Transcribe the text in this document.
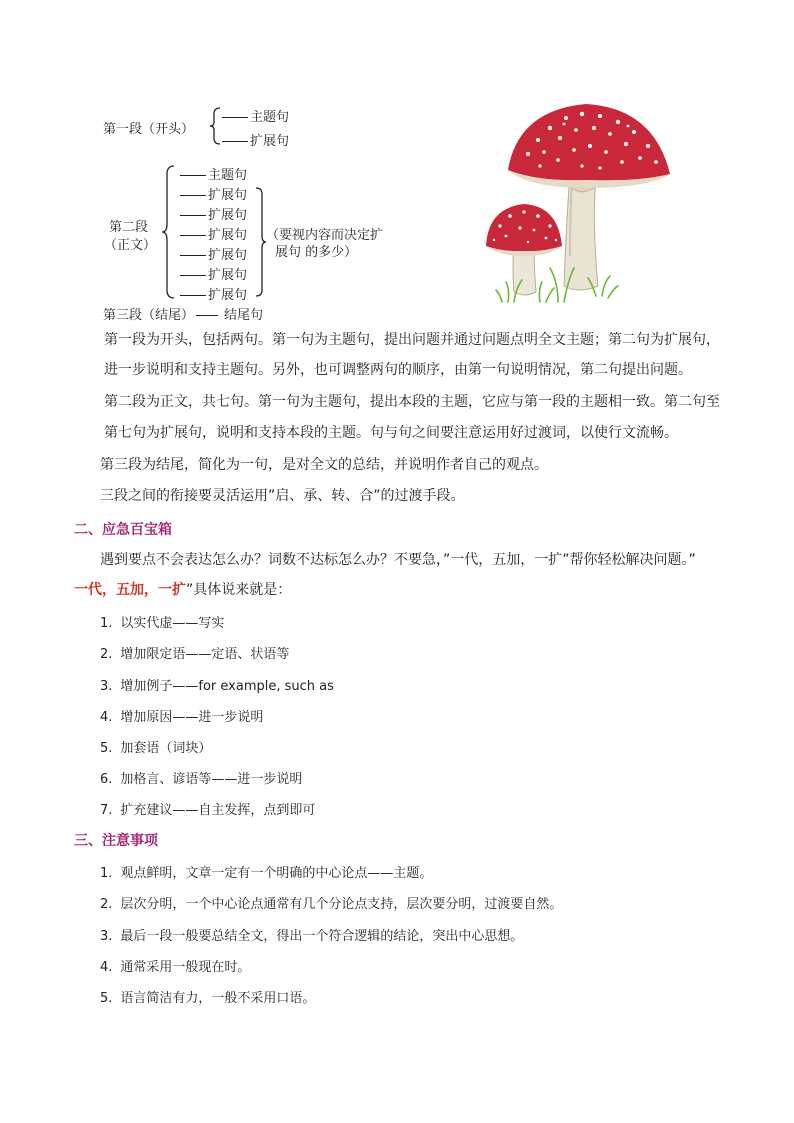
第一段（开头）
主题句
扩展句
第二段
（正文）
主题句
扩展句
扩展句
扩展句
扩展句
扩展句
扩展句
（要视内容而决定扩
展句 的多少）
第三段（结尾） 结尾句
第一段为开头，包括两句。第一句为主题句，提出问题并通过问题点明全文主题；第二句为扩展句，
进一步说明和支持主题句。另外，也可调整两句的顺序，由第一句说明情况，第二句提出问题。
第二段为正文，共七句。第一句为主题句，提出本段的主题，它应与第一段的主题相一致。第二句至
第七句为扩展句，说明和支持本段的主题。句与句之间要注意运用好过渡词，以使行文流畅。
第三段为结尾，简化为一句，是对全文的总结，并说明作者自己的观点。
三段之间的衔接要灵活运用”启、承、转、合”的过渡手段。
二、应急百宝箱
遇到要点不会表达怎么办？词数不达标怎么办？不要急，”一代，五加，一扩”帮你轻松解决问题。”
一代，五加，一扩”具体说来就是：
1. 以实代虚——写实
2. 增加限定语——定语、状语等
3. 增加例子——for example, such as
4. 增加原因——进一步说明
5. 加套语（词块）
6. 加格言、谚语等——进一步说明
7. 扩充建议——自主发挥，点到即可
三、注意事项
1. 观点鲜明，文章一定有一个明确的中心论点——主题。
2. 层次分明，一个中心论点通常有几个分论点支持，层次要分明，过渡要自然。
3. 最后一段一般要总结全文，得出一个符合逻辑的结论，突出中心思想。
4. 通常采用一般现在时。
5. 语言简洁有力，一般不采用口语。
